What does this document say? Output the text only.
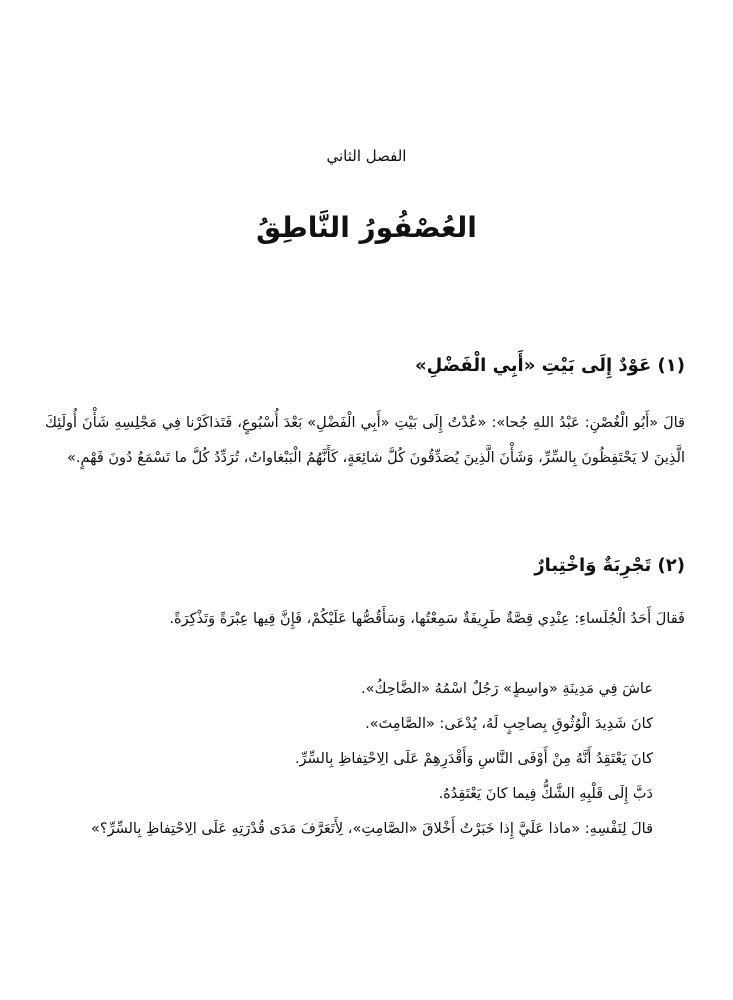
الفصل الثاني
العُصْفُورُ النَّاطِقُ
(١) عَوْدٌ إِلَى بَيْتِ «أَبِي الْفَضْلِ»

قالَ «أَبُو الْغُصْنِ: عَبْدُ اللهِ جُحا»: «عُدْتُ إِلَى بَيْتِ «أَبِي الْفَضْلِ» بَعْدَ أُسْبُوعٍ، فَتَذاكَرْنا فِي مَجْلِسِهِ شَأْنَ أُولَئِكَ الَّذِينَ لا يَحْتَفِظُونَ بِالسِّرِّ، وَشَأْنَ الَّذِينَ يُصَدِّقُونَ كُلَّ شائِعَةٍ، كَأَنَّهُمُ الْبَبْغاواتُ، تُرَدِّدُ كُلَّ ما تَسْمَعُ دُونَ فَهْمٍ.»

(٢) تَجْرِبَةٌ وَاخْتِبارٌ

فَقالَ أَحَدُ الْجُلَساءِ: عِنْدِي قِصَّةٌ طَرِيفَةٌ سَمِعْتُها، وَسَأَقُصُّها عَلَيْكُمْ، فَإِنَّ فِيها عِبْرَةً وَتَذْكِرَةً.

عاشَ فِي مَدِينَةِ «واسِطٍ» رَجُلٌ اسْمُهُ «الضَّاحِكُ».
كانَ شَدِيدَ الْوُثُوقِ بِصاحِبٍ لَهُ، يُدْعَى: «الصَّامِتَ».
كانَ يَعْتَقِدُ أَنَّهُ مِنْ أَوْفَى النَّاسِ وَأَقْدَرِهِمْ عَلَى الِاحْتِفاظِ بِالسِّرِّ.
دَبَّ إِلَى قَلْبِهِ الشَّكُّ فِيما كانَ يَعْتَقِدُهُ.

قالَ لِنَفْسِهِ: «ماذا عَلَيَّ إِذا خَبَرْتُ أَخْلاقَ «الصَّامِتِ»، لِأَتَعَرَّفَ مَدَى قُدْرَتِهِ عَلَى الِاحْتِفاظِ بِالسِّرِّ؟»
